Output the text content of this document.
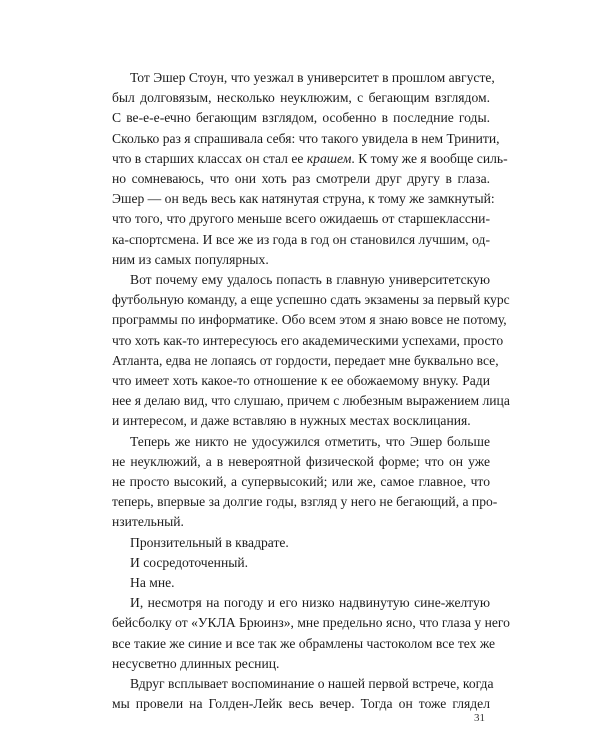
Тот Эшер Стоун, что уезжал в университет в прошлом августе,
был долговязым, несколько неуклюжим, с бегающим взглядом.
С ве-е-е-ечно бегающим взглядом, особенно в последние годы.
Сколько раз я спрашивала себя: что такого увидела в нем Тринити,
что в старших классах он стал ее крашем. К тому же я вообще силь-
но сомневаюсь, что они хоть раз смотрели друг другу в глаза.
Эшер — он ведь весь как натянутая струна, к тому же замкнутый:
что того, что другого меньше всего ожидаешь от старшеклассни-
ка-спортсмена. И все же из года в год он становился лучшим, од-
ним из самых популярных.

Вот почему ему удалось попасть в главную университетскую
футбольную команду, а еще успешно сдать экзамены за первый курс
программы по информатике. Обо всем этом я знаю вовсе не потому,
что хоть как-то интересуюсь его академическими успехами, просто
Атланта, едва не лопаясь от гордости, передает мне буквально все,
что имеет хоть какое-то отношение к ее обожаемому внуку. Ради
нее я делаю вид, что слушаю, причем с любезным выражением лица
и интересом, и даже вставляю в нужных местах восклицания.

Теперь же никто не удосужился отметить, что Эшер больше
не неуклюжий, а в невероятной физической форме; что он уже
не просто высокий, а супервысокий; или же, самое главное, что
теперь, впервые за долгие годы, взгляд у него не бегающий, а про-
нзительный.

Пронзительный в квадрате.

И сосредоточенный.

На мне.

И, несмотря на погоду и его низко надвинутую сине-желтую
бейсболку от «УКЛА Брюинз», мне предельно ясно, что глаза у него
все такие же синие и все так же обрамлены частоколом все тех же
несусветно длинных ресниц.

Вдруг всплывает воспоминание о нашей первой встрече, когда
мы провели на Голден-Лейк весь вечер. Тогда он тоже глядел

31
